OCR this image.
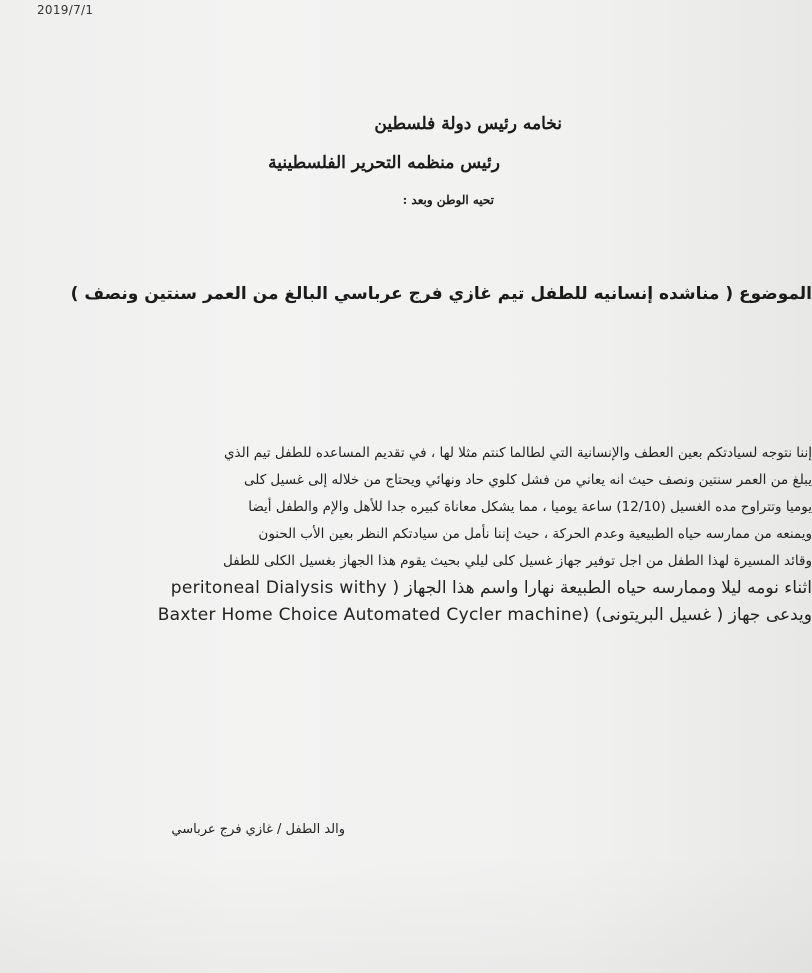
2019/7/1
نخامه رئيس دولة فلسطين
رئيس منظمه التحرير الفلسطينية
تحيه الوطن وبعد :
الموضوع ( مناشده إنسانيه للطفل تيم غازي فرج عرباسي البالغ من العمر سنتين ونصف )
إننا نتوجه لسيادتكم بعين العطف والإنسانية التي لطالما كنتم مثلا لها ، في تقديم المساعده للطفل تيم الذي
يبلغ من العمر سنتين ونصف حيث انه يعاني من فشل كلوي حاد ونهائي ويحتاج من خلاله إلى غسيل كلى
يوميا وتتراوح مده الغسيل (12/10) ساعة يوميا ، مما يشكل معاناة كبيره جدا للأهل والإم والطفل أيضا
ويمنعه من ممارسه حياه الطبيعية وعدم الحركة ، حيث إننا نأمل من سيادتكم النظر بعين الأب الحنون
وقائد المسيرة لهذا الطفل من اجل توفير جهاز غسيل كلى ليلي بحيث يقوم هذا الجهاز بغسيل الكلى للطفل
اثناء نومه ليلا وممارسه حياه الطبيعة نهارا واسم هذا الجهاز ( peritoneal Dialysis withy
Baxter Home Choice Automated Cycler machine) ويدعى جهاز ( غسيل البريتونى)
والد الطفل / غازي فرج عرباسي
